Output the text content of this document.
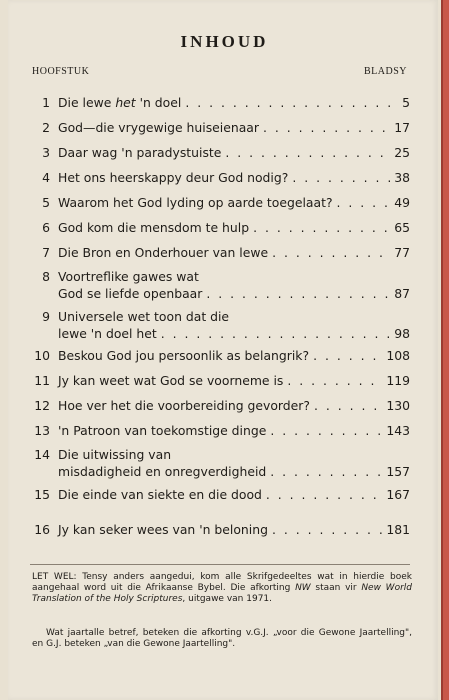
INHOUD
HOOFSTUK	BLADSY
1 Die lewe het 'n doel . . .	5
2 God—die vrygewige huiseienaar . . .	17
3 Daar wag 'n paradystuiste . . .	25
4 Het ons heerskappy deur God nodig? . . .	38
5 Waarom het God lyding op aarde toegelaat? . . .	49
6 God kom die mensdom te hulp . . .	65
7 Die Bron en Onderhouer van lewe . . .	77
8 Voortreflike gawes wat
God se liefde openbaar . . .	87
9 Universele wet toon dat die
lewe 'n doel het . . .	98
10 Beskou God jou persoonlik as belangrik? . . .	108
11 Jy kan weet wat God se voorneme is . . .	119
12 Hoe ver het die voorbereiding gevorder? . . .	130
13 'n Patroon van toekomstige dinge . . .	143
14 Die uitwissing van
misdadigheid en onregverdigheid . . .	157
15 Die einde van siekte en die dood . . .	167
16 Jy kan seker wees van 'n beloning . . .	181
LET WEL: Tensy anders aangedui, kom alle Skrifgedeeltes wat in hierdie boek aangehaal word uit die Afrikaanse Bybel. Die afkorting NW staan vir New World Translation of the Holy Scriptures, uitgawe van 1971.
Wat jaartalle betref, beteken die afkorting v.G.J. „voor die Gewone Jaartelling", en G.J. beteken „van die Gewone Jaartelling".
